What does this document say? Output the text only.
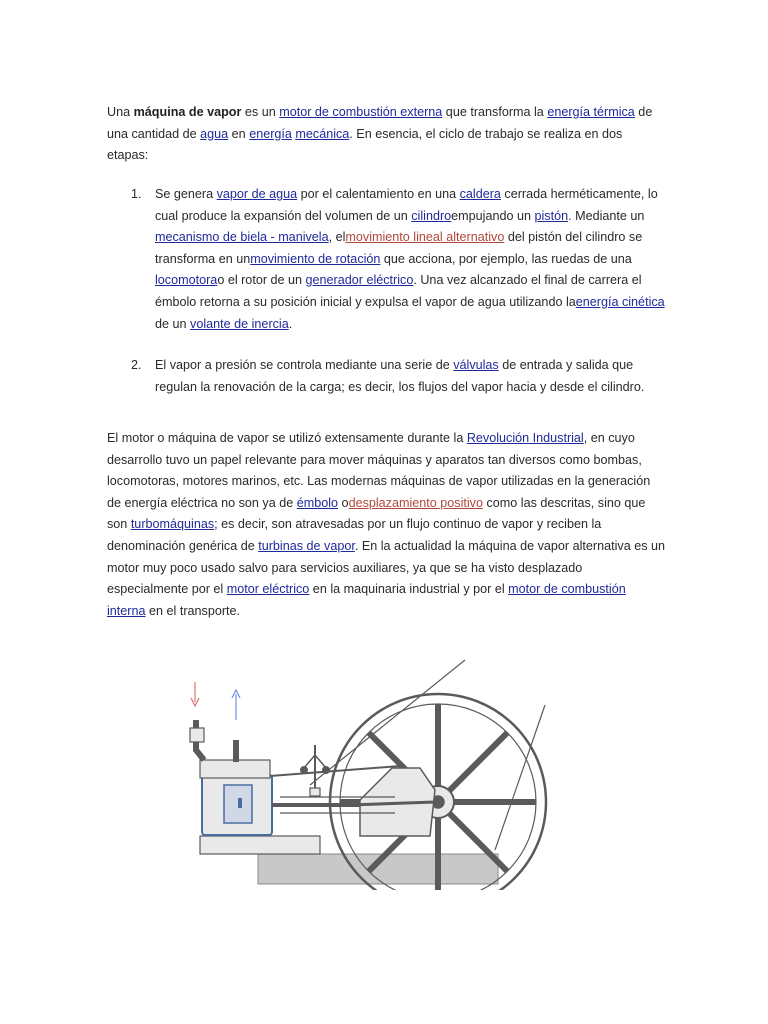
Una máquina de vapor es un motor de combustión externa que transforma la energía térmica de una cantidad de agua en energía mecánica. En esencia, el ciclo de trabajo se realiza en dos etapas:
1. Se genera vapor de agua por el calentamiento en una caldera cerrada herméticamente, lo cual produce la expansión del volumen de un cilindroempujando un pistón. Mediante un mecanismo de biela - manivela, elmovimiento lineal alternativo del pistón del cilindro se transforma en unmovimiento de rotación que acciona, por ejemplo, las ruedas de una locomotorao el rotor de un generador eléctrico. Una vez alcanzado el final de carrera el émbolo retorna a su posición inicial y expulsa el vapor de agua utilizando laenergía cinética de un volante de inercia.
2. El vapor a presión se controla mediante una serie de válvulas de entrada y salida que regulan la renovación de la carga; es decir, los flujos del vapor hacia y desde el cilindro.
El motor o máquina de vapor se utilizó extensamente durante la Revolución Industrial, en cuyo desarrollo tuvo un papel relevante para mover máquinas y aparatos tan diversos como bombas, locomotoras, motores marinos, etc. Las modernas máquinas de vapor utilizadas en la generación de energía eléctrica no son ya de émbolo odesplazamiento positivo como las descritas, sino que son turbomáquinas; es decir, son atravesadas por un flujo continuo de vapor y reciben la denominación genérica de turbinas de vapor. En la actualidad la máquina de vapor alternativa es un motor muy poco usado salvo para servicios auxiliares, ya que se ha visto desplazado especialmente por el motor eléctrico en la maquinaria industrial y por el motor de combustión interna en el transporte.
